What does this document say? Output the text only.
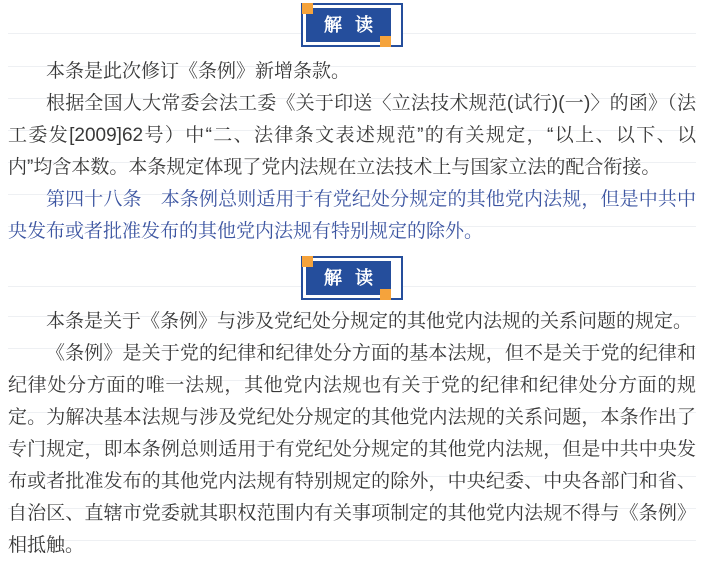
解读

本条是此次修订《条例》新增条款。

根据全国人大常委会法工委《关于印送〈立法技术规范(试行)(一)〉的函》（法工委发[2009]62号）中“二、法律条文表述规范”的有关规定，“以上、以下、以内”均含本数。本条规定体现了党内法规在立法技术上与国家立法的配合衔接。

第四十八条　本条例总则适用于有党纪处分规定的其他党内法规，但是中共中央发布或者批准发布的其他党内法规有特别规定的除外。

解读

本条是关于《条例》与涉及党纪处分规定的其他党内法规的关系问题的规定。

《条例》是关于党的纪律和纪律处分方面的基本法规，但不是关于党的纪律和纪律处分方面的唯一法规，其他党内法规也有关于党的纪律和纪律处分方面的规定。为解决基本法规与涉及党纪处分规定的其他党内法规的关系问题，本条作出了专门规定，即本条例总则适用于有党纪处分规定的其他党内法规，但是中共中央发布或者批准发布的其他党内法规有特别规定的除外，中央纪委、中央各部门和省、自治区、直辖市党委就其职权范围内有关事项制定的其他党内法规不得与《条例》相抵触。
